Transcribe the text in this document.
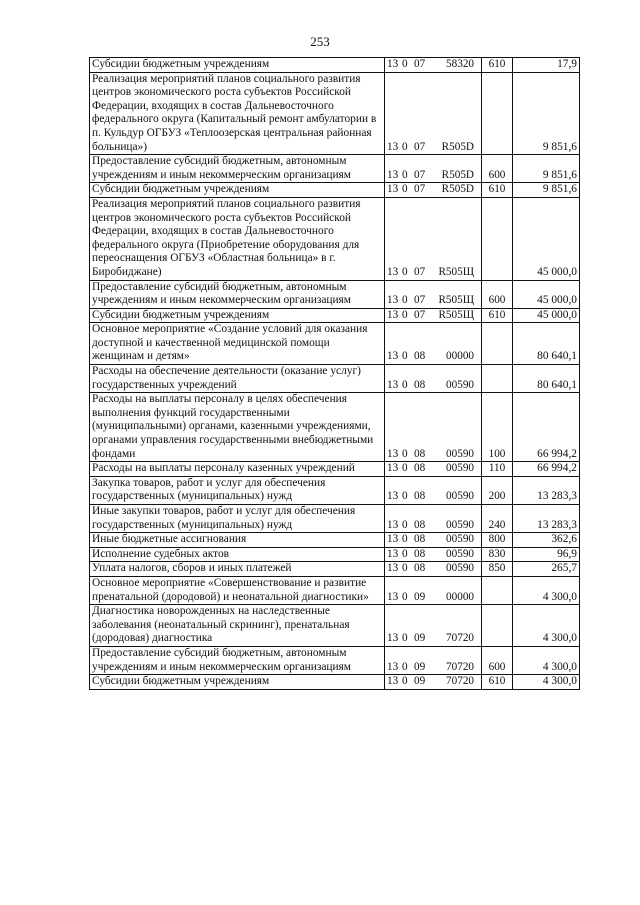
253
Субсидии бюджетным учреждениям	13 0 07 58320	610	17,9
Реализация мероприятий планов социального развития центров экономического роста субъектов Российской Федерации, входящих в состав Дальневосточного федерального округа (Капитальный ремонт амбулатории в п. Кульдур ОГБУЗ «Теплоозерская центральная районная больница»)	13 0 07 R505D		9 851,6
Предоставление субсидий бюджетным, автономным учреждениям и иным некоммерческим организациям	13 0 07 R505D	600	9 851,6
Субсидии бюджетным учреждениям	13 0 07 R505D	610	9 851,6
Реализация мероприятий планов социального развития центров экономического роста субъектов Российской Федерации, входящих в состав Дальневосточного федерального округа (Приобретение оборудования для переоснащения ОГБУЗ «Областная больница» в г. Биробиджане)	13 0 07 R505Щ		45 000,0
Предоставление субсидий бюджетным, автономным учреждениям и иным некоммерческим организациям	13 0 07 R505Щ	600	45 000,0
Субсидии бюджетным учреждениям	13 0 07 R505Щ	610	45 000,0
Основное мероприятие «Создание условий для оказания доступной и качественной медицинской помощи женщинам и детям»	13 0 08 00000		80 640,1
Расходы на обеспечение деятельности (оказание услуг) государственных учреждений	13 0 08 00590		80 640,1
Расходы на выплаты персоналу в целях обеспечения выполнения функций государственными (муниципальными) органами, казенными учреждениями, органами управления государственными внебюджетными фондами	13 0 08 00590	100	66 994,2
Расходы на выплаты персоналу казенных учреждений	13 0 08 00590	110	66 994,2
Закупка товаров, работ и услуг для обеспечения государственных (муниципальных) нужд	13 0 08 00590	200	13 283,3
Иные закупки товаров, работ и услуг для обеспечения государственных (муниципальных) нужд	13 0 08 00590	240	13 283,3
Иные бюджетные ассигнования	13 0 08 00590	800	362,6
Исполнение судебных актов	13 0 08 00590	830	96,9
Уплата налогов, сборов и иных платежей	13 0 08 00590	850	265,7
Основное мероприятие «Совершенствование и развитие пренатальной (дородовой) и неонатальной диагностики»	13 0 09 00000		4 300,0
Диагностика новорожденных на наследственные заболевания (неонатальный скрининг), пренатальная (дородовая) диагностика	13 0 09 70720		4 300,0
Предоставление субсидий бюджетным, автономным учреждениям и иным некоммерческим организациям	13 0 09 70720	600	4 300,0
Субсидии бюджетным учреждениям	13 0 09 70720	610	4 300,0
